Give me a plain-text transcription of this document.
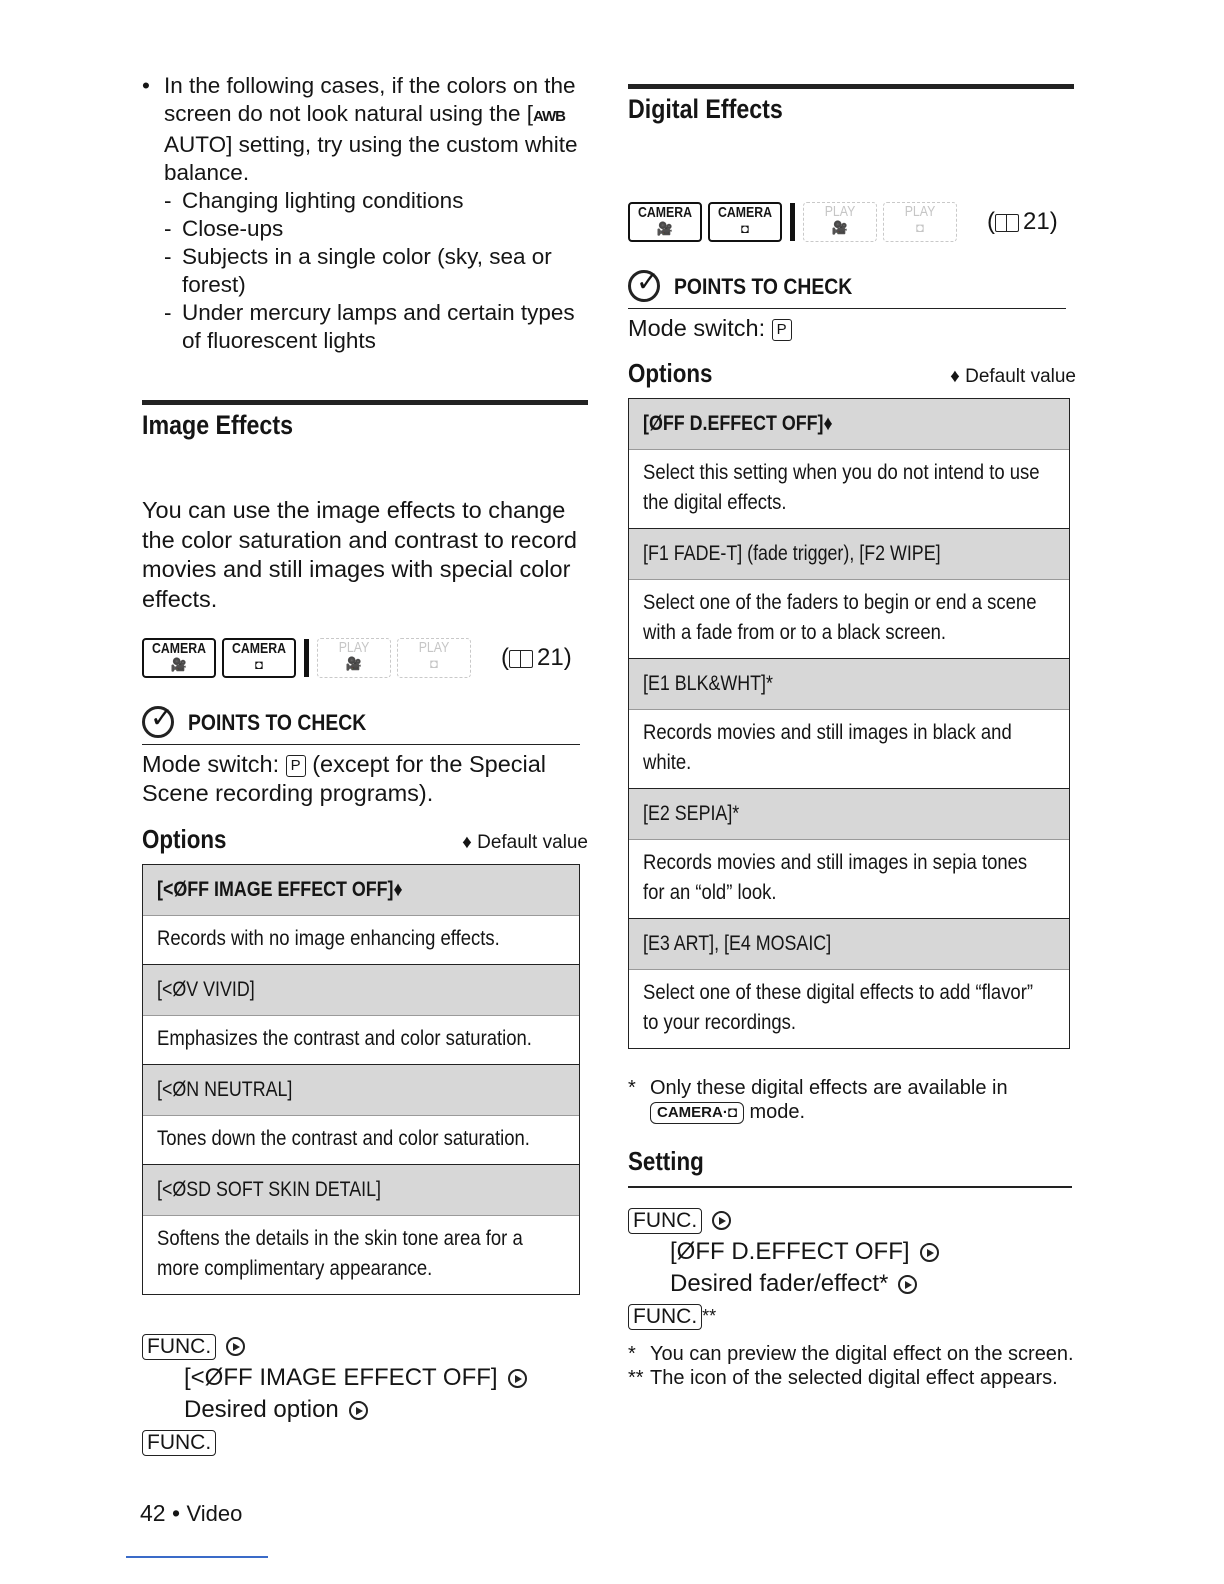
• In the following cases, if the colors on the screen do not look natural using the [AWB AUTO] setting, try using the custom white balance.
- Changing lighting conditions
- Close-ups
- Subjects in a single color (sky, sea or forest)
- Under mercury lamps and certain types of fluorescent lights
Image Effects
You can use the image effects to change the color saturation and contrast to record movies and still images with special color effects.
CAMERA
🎥
CAMERA
◘
PLAY
🎥
PLAY
◘	( 21)
✓
POINTS TO CHECK
Mode switch: P (except for the Special Scene recording programs).
Options	♦ Default value
[<ØFF IMAGE EFFECT OFF]♦
Records with no image enhancing effects.
[<ØV VIVID]
Emphasizes the contrast and color saturation.
[<ØN NEUTRAL]
Tones down the contrast and color saturation.
[<ØSD SOFT SKIN DETAIL]
Softens the details in the skin tone area for a more complimentary appearance.
FUNC.
[<ØFF IMAGE EFFECT OFF]
Desired option
FUNC.
Digital Effects
CAMERA
🎥
CAMERA
◘
PLAY
🎥
PLAY
◘	( 21)
✓
POINTS TO CHECK
Mode switch: P
Options	♦ Default value
[ØFF D.EFFECT OFF]♦
Select this setting when you do not intend to use the digital effects.
[F1 FADE-T] (fade trigger), [F2 WIPE]
Select one of the faders to begin or end a scene with a fade from or to a black screen.
[E1 BLK&WHT]*
Records movies and still images in black and white.
[E2 SEPIA]*
Records movies and still images in sepia tones for an “old” look.
[E3 ART], [E4 MOSAIC]
Select one of these digital effects to add “flavor” to your recordings.
* Only these digital effects are available in
CAMERA·◘ mode.
Setting
FUNC.
[ØFF D.EFFECT OFF]
Desired fader/effect*
FUNC. **
* You can preview the digital effect on the screen.
** The icon of the selected digital effect appears.
42 • Video
